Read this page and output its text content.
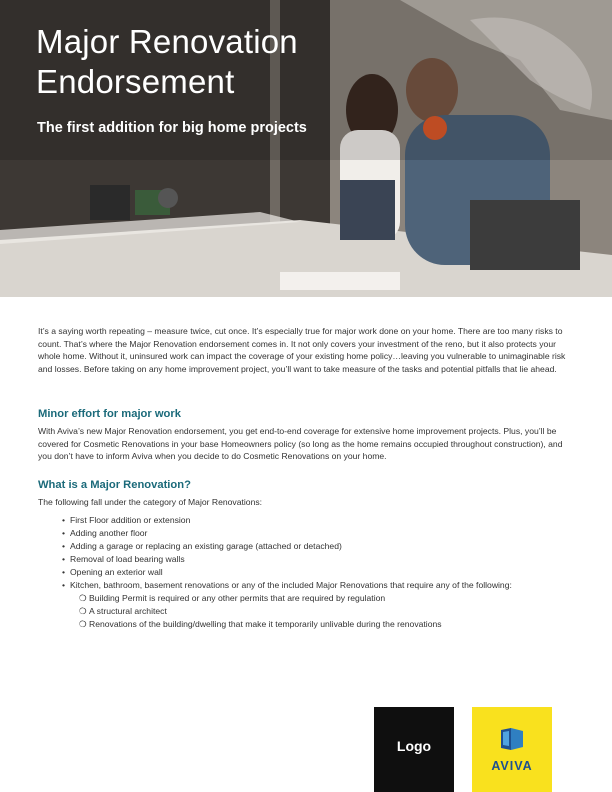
Major Renovation
Endorsement
The first addition for big home projects

It’s a saying worth repeating – measure twice, cut once. It’s especially true for major work done on your home. There are too many risks to count. That’s where the Major Renovation endorsement comes in. It not only covers your investment of the reno, but it also protects your whole home. Without it, uninsured work can impact the coverage of your existing home policy…leaving you vulnerable to unimaginable risk and losses. Before taking on any home improvement project, you’ll want to take measure of the tasks and potential pitfalls that lie ahead.

Minor effort for major work

With Aviva’s new Major Renovation endorsement, you get end-to-end coverage for extensive home improvement projects. Plus, you’ll be covered for Cosmetic Renovations in your base Homeowners policy (so long as the home remains occupied throughout construction), and you don’t have to inform Aviva when you decide to do Cosmetic Renovations on your home.

What is a Major Renovation?

The following fall under the category of Major Renovations:

• First Floor addition or extension
• Adding another floor
• Adding a garage or replacing an existing garage (attached or detached)
• Removal of load bearing walls
• Opening an exterior wall
• Kitchen, bathroom, basement renovations or any of the included Major Renovations that require any of the following:
❍ Building Permit is required or any other permits that are required by regulation
❍ A structural architect
❍ Renovations of the building/dwelling that make it temporarily unlivable during the renovations
Logo
AVIVA
